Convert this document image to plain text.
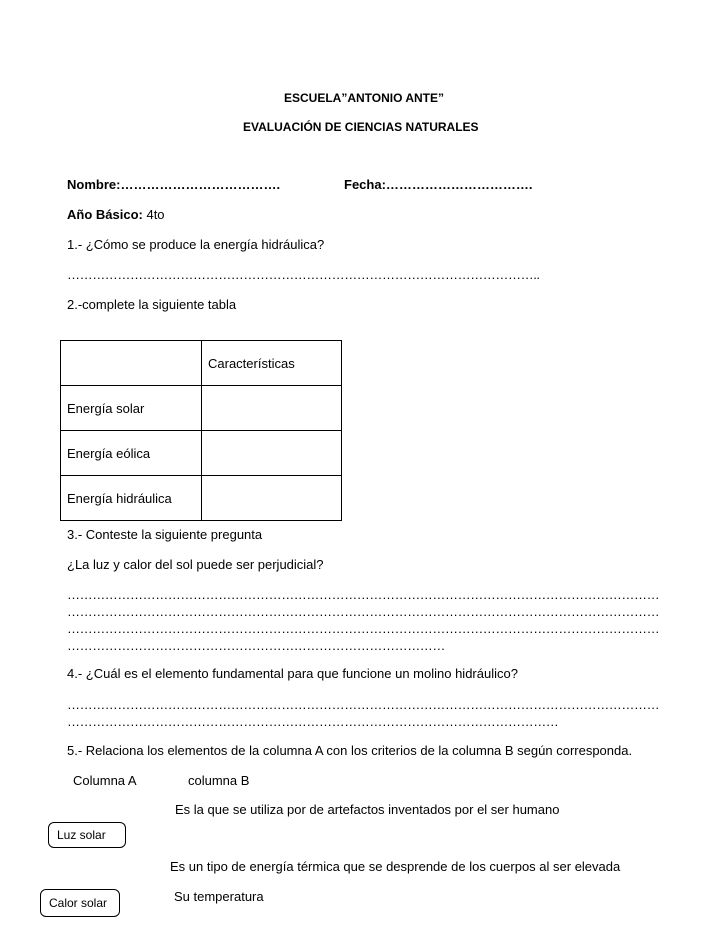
ESCUELA”ANTONIO ANTE”
EVALUACIÓN DE CIENCIAS NATURALES
Nombre:……………………………….	Fecha:…………………………….
Año Básico: 4to
1.- ¿Cómo se produce la energía hidráulica?
…………………………………………………………………………………………………..
2.-complete la siguiente tabla
	Características
Energía solar	
Energía eólica	
Energía hidráulica	
3.- Conteste la siguiente pregunta
¿La luz y calor del sol puede ser perjudicial?
……………………………………………………………………………………………………………………………
……………………………………………………………………………………………………………………………
……………………………………………………………………………………………………………………………
………………………………………………………………………………
4.- ¿Cuál es el elemento fundamental para que funcione un molino hidráulico?
……………………………………………………………………………………………………………………………
………………………………………………………………………………………………………
5.- Relaciona los elementos de la columna A con los criterios de la columna B según corresponda.
Columna A	columna B
Es la que se utiliza por de artefactos inventados por el ser humano
Luz solar
Es un tipo de energía térmica que se desprende de los cuerpos al ser elevada
Su temperatura
Calor solar
